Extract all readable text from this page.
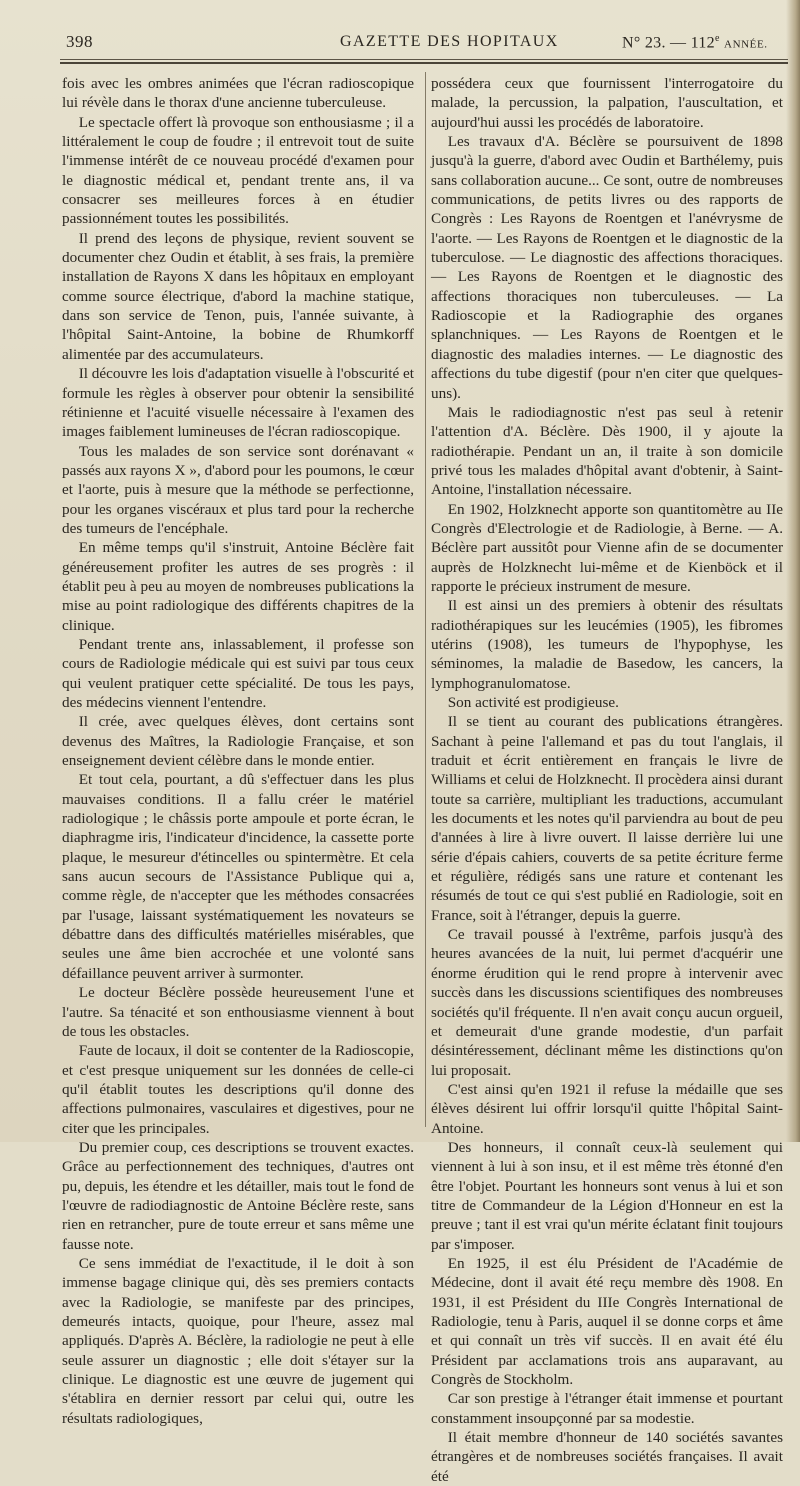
398	GAZETTE DES HOPITAUX	N° 23. — 112e ANNÉE.

fois avec les ombres animées que l'écran radioscopique lui révèle dans le thorax d'une ancienne tuberculeuse.

Le spectacle offert là provoque son enthousiasme ; il a littéralement le coup de foudre ; il entrevoit tout de suite l'immense intérêt de ce nouveau procédé d'examen pour le diagnostic médical et, pendant trente ans, il va consacrer ses meilleures forces à en étudier passionnément toutes les possibilités.

Il prend des leçons de physique, revient souvent se documenter chez Oudin et établit, à ses frais, la première installation de Rayons X dans les hôpitaux en employant comme source électrique, d'abord la machine statique, dans son service de Tenon, puis, l'année suivante, à l'hôpital Saint-Antoine, la bobine de Rhumkorff alimentée par des accumulateurs.

Il découvre les lois d'adaptation visuelle à l'obscurité et formule les règles à observer pour obtenir la sensibilité rétinienne et l'acuité visuelle nécessaire à l'examen des images faiblement lumineuses de l'écran radioscopique.

Tous les malades de son service sont dorénavant « passés aux rayons X », d'abord pour les poumons, le cœur et l'aorte, puis à mesure que la méthode se perfectionne, pour les organes viscéraux et plus tard pour la recherche des tumeurs de l'encéphale.

En même temps qu'il s'instruit, Antoine Béclère fait généreusement profiter les autres de ses progrès : il établit peu à peu au moyen de nombreuses publications la mise au point radiologique des différents chapitres de la clinique.

Pendant trente ans, inlassablement, il professe son cours de Radiologie médicale qui est suivi par tous ceux qui veulent pratiquer cette spécialité. De tous les pays, des médecins viennent l'entendre.

Il crée, avec quelques élèves, dont certains sont devenus des Maîtres, la Radiologie Française, et son enseignement devient célèbre dans le monde entier.

Et tout cela, pourtant, a dû s'effectuer dans les plus mauvaises conditions. Il a fallu créer le matériel radiologique ; le châssis porte ampoule et porte écran, le diaphragme iris, l'indicateur d'incidence, la cassette porte plaque, le mesureur d'étincelles ou spintermètre. Et cela sans aucun secours de l'Assistance Publique qui a, comme règle, de n'accepter que les méthodes consacrées par l'usage, laissant systématiquement les novateurs se débattre dans des difficultés matérielles misérables, que seules une âme bien accrochée et une volonté sans défaillance peuvent arriver à surmonter.

Le docteur Béclère possède heureusement l'une et l'autre. Sa ténacité et son enthousiasme viennent à bout de tous les obstacles.

Faute de locaux, il doit se contenter de la Radioscopie, et c'est presque uniquement sur les données de celle-ci qu'il établit toutes les descriptions qu'il donne des affections pulmonaires, vasculaires et digestives, pour ne citer que les principales.

Du premier coup, ces descriptions se trouvent exactes. Grâce au perfectionnement des techniques, d'autres ont pu, depuis, les étendre et les détailler, mais tout le fond de l'œuvre de radiodiagnostic de Antoine Béclère reste, sans rien en retrancher, pure de toute erreur et sans même une fausse note.

Ce sens immédiat de l'exactitude, il le doit à son immense bagage clinique qui, dès ses premiers contacts avec la Radiologie, se manifeste par des principes, demeurés intacts, quoique, pour l'heure, assez mal appliqués. D'après A. Béclère, la radiologie ne peut à elle seule assurer un diagnostic ; elle doit s'étayer sur la clinique. Le diagnostic est une œuvre de jugement qui s'établira en dernier ressort par celui qui, outre les résultats radiologiques,

possédera ceux que fournissent l'interrogatoire du malade, la percussion, la palpation, l'auscultation, et aujourd'hui aussi les procédés de laboratoire.

Les travaux d'A. Béclère se poursuivent de 1898 jusqu'à la guerre, d'abord avec Oudin et Barthélemy, puis sans collaboration aucune... Ce sont, outre de nombreuses communications, de petits livres ou des rapports de Congrès : Les Rayons de Roentgen et l'anévrysme de l'aorte. — Les Rayons de Roentgen et le diagnostic de la tuberculose. — Le diagnostic des affections thoraciques. — Les Rayons de Roentgen et le diagnostic des affections thoraciques non tuberculeuses. — La Radioscopie et la Radiographie des organes splanchniques. — Les Rayons de Roentgen et le diagnostic des maladies internes. — Le diagnostic des affections du tube digestif (pour n'en citer que quelques-uns).

Mais le radiodiagnostic n'est pas seul à retenir l'attention d'A. Béclère. Dès 1900, il y ajoute la radiothérapie. Pendant un an, il traite à son domicile privé tous les malades d'hôpital avant d'obtenir, à Saint-Antoine, l'installation nécessaire.

En 1902, Holzknecht apporte son quantitomètre au IIe Congrès d'Electrologie et de Radiologie, à Berne. — A. Béclère part aussitôt pour Vienne afin de se documenter auprès de Holzknecht lui-même et de Kienböck et il rapporte le précieux instrument de mesure.

Il est ainsi un des premiers à obtenir des résultats radiothérapiques sur les leucémies (1905), les fibromes utérins (1908), les tumeurs de l'hypophyse, les séminomes, la maladie de Basedow, les cancers, la lymphogranulomatose.

Son activité est prodigieuse.

Il se tient au courant des publications étrangères. Sachant à peine l'allemand et pas du tout l'anglais, il traduit et écrit entièrement en français le livre de Williams et celui de Holzknecht. Il procèdera ainsi durant toute sa carrière, multipliant les traductions, accumulant les documents et les notes qu'il parviendra au bout de peu d'années à lire à livre ouvert. Il laisse derrière lui une série d'épais cahiers, couverts de sa petite écriture ferme et régulière, rédigés sans une rature et contenant les résumés de tout ce qui s'est publié en Radiologie, soit en France, soit à l'étranger, depuis la guerre.

Ce travail poussé à l'extrême, parfois jusqu'à des heures avancées de la nuit, lui permet d'acquérir une énorme érudition qui le rend propre à intervenir avec succès dans les discussions scientifiques des nombreuses sociétés qu'il fréquente. Il n'en avait conçu aucun orgueil, et demeurait d'une grande modestie, d'un parfait désintéressement, déclinant même les distinctions qu'on lui proposait.

C'est ainsi qu'en 1921 il refuse la médaille que ses élèves désirent lui offrir lorsqu'il quitte l'hôpital Saint-Antoine.

Des honneurs, il connaît ceux-là seulement qui viennent à lui à son insu, et il est même très étonné d'en être l'objet. Pourtant les honneurs sont venus à lui et son titre de Commandeur de la Légion d'Honneur en est la preuve ; tant il est vrai qu'un mérite éclatant finit toujours par s'imposer.

En 1925, il est élu Président de l'Académie de Médecine, dont il avait été reçu membre dès 1908. En 1931, il est Président du IIIe Congrès International de Radiologie, tenu à Paris, auquel il se donne corps et âme et qui connaît un très vif succès. Il en avait été élu Président par acclamations trois ans auparavant, au Congrès de Stockholm.

Car son prestige à l'étranger était immense et pourtant constamment insoupçonné par sa modestie.

Il était membre d'honneur de 140 sociétés savantes étrangères et de nombreuses sociétés françaises. Il avait été
